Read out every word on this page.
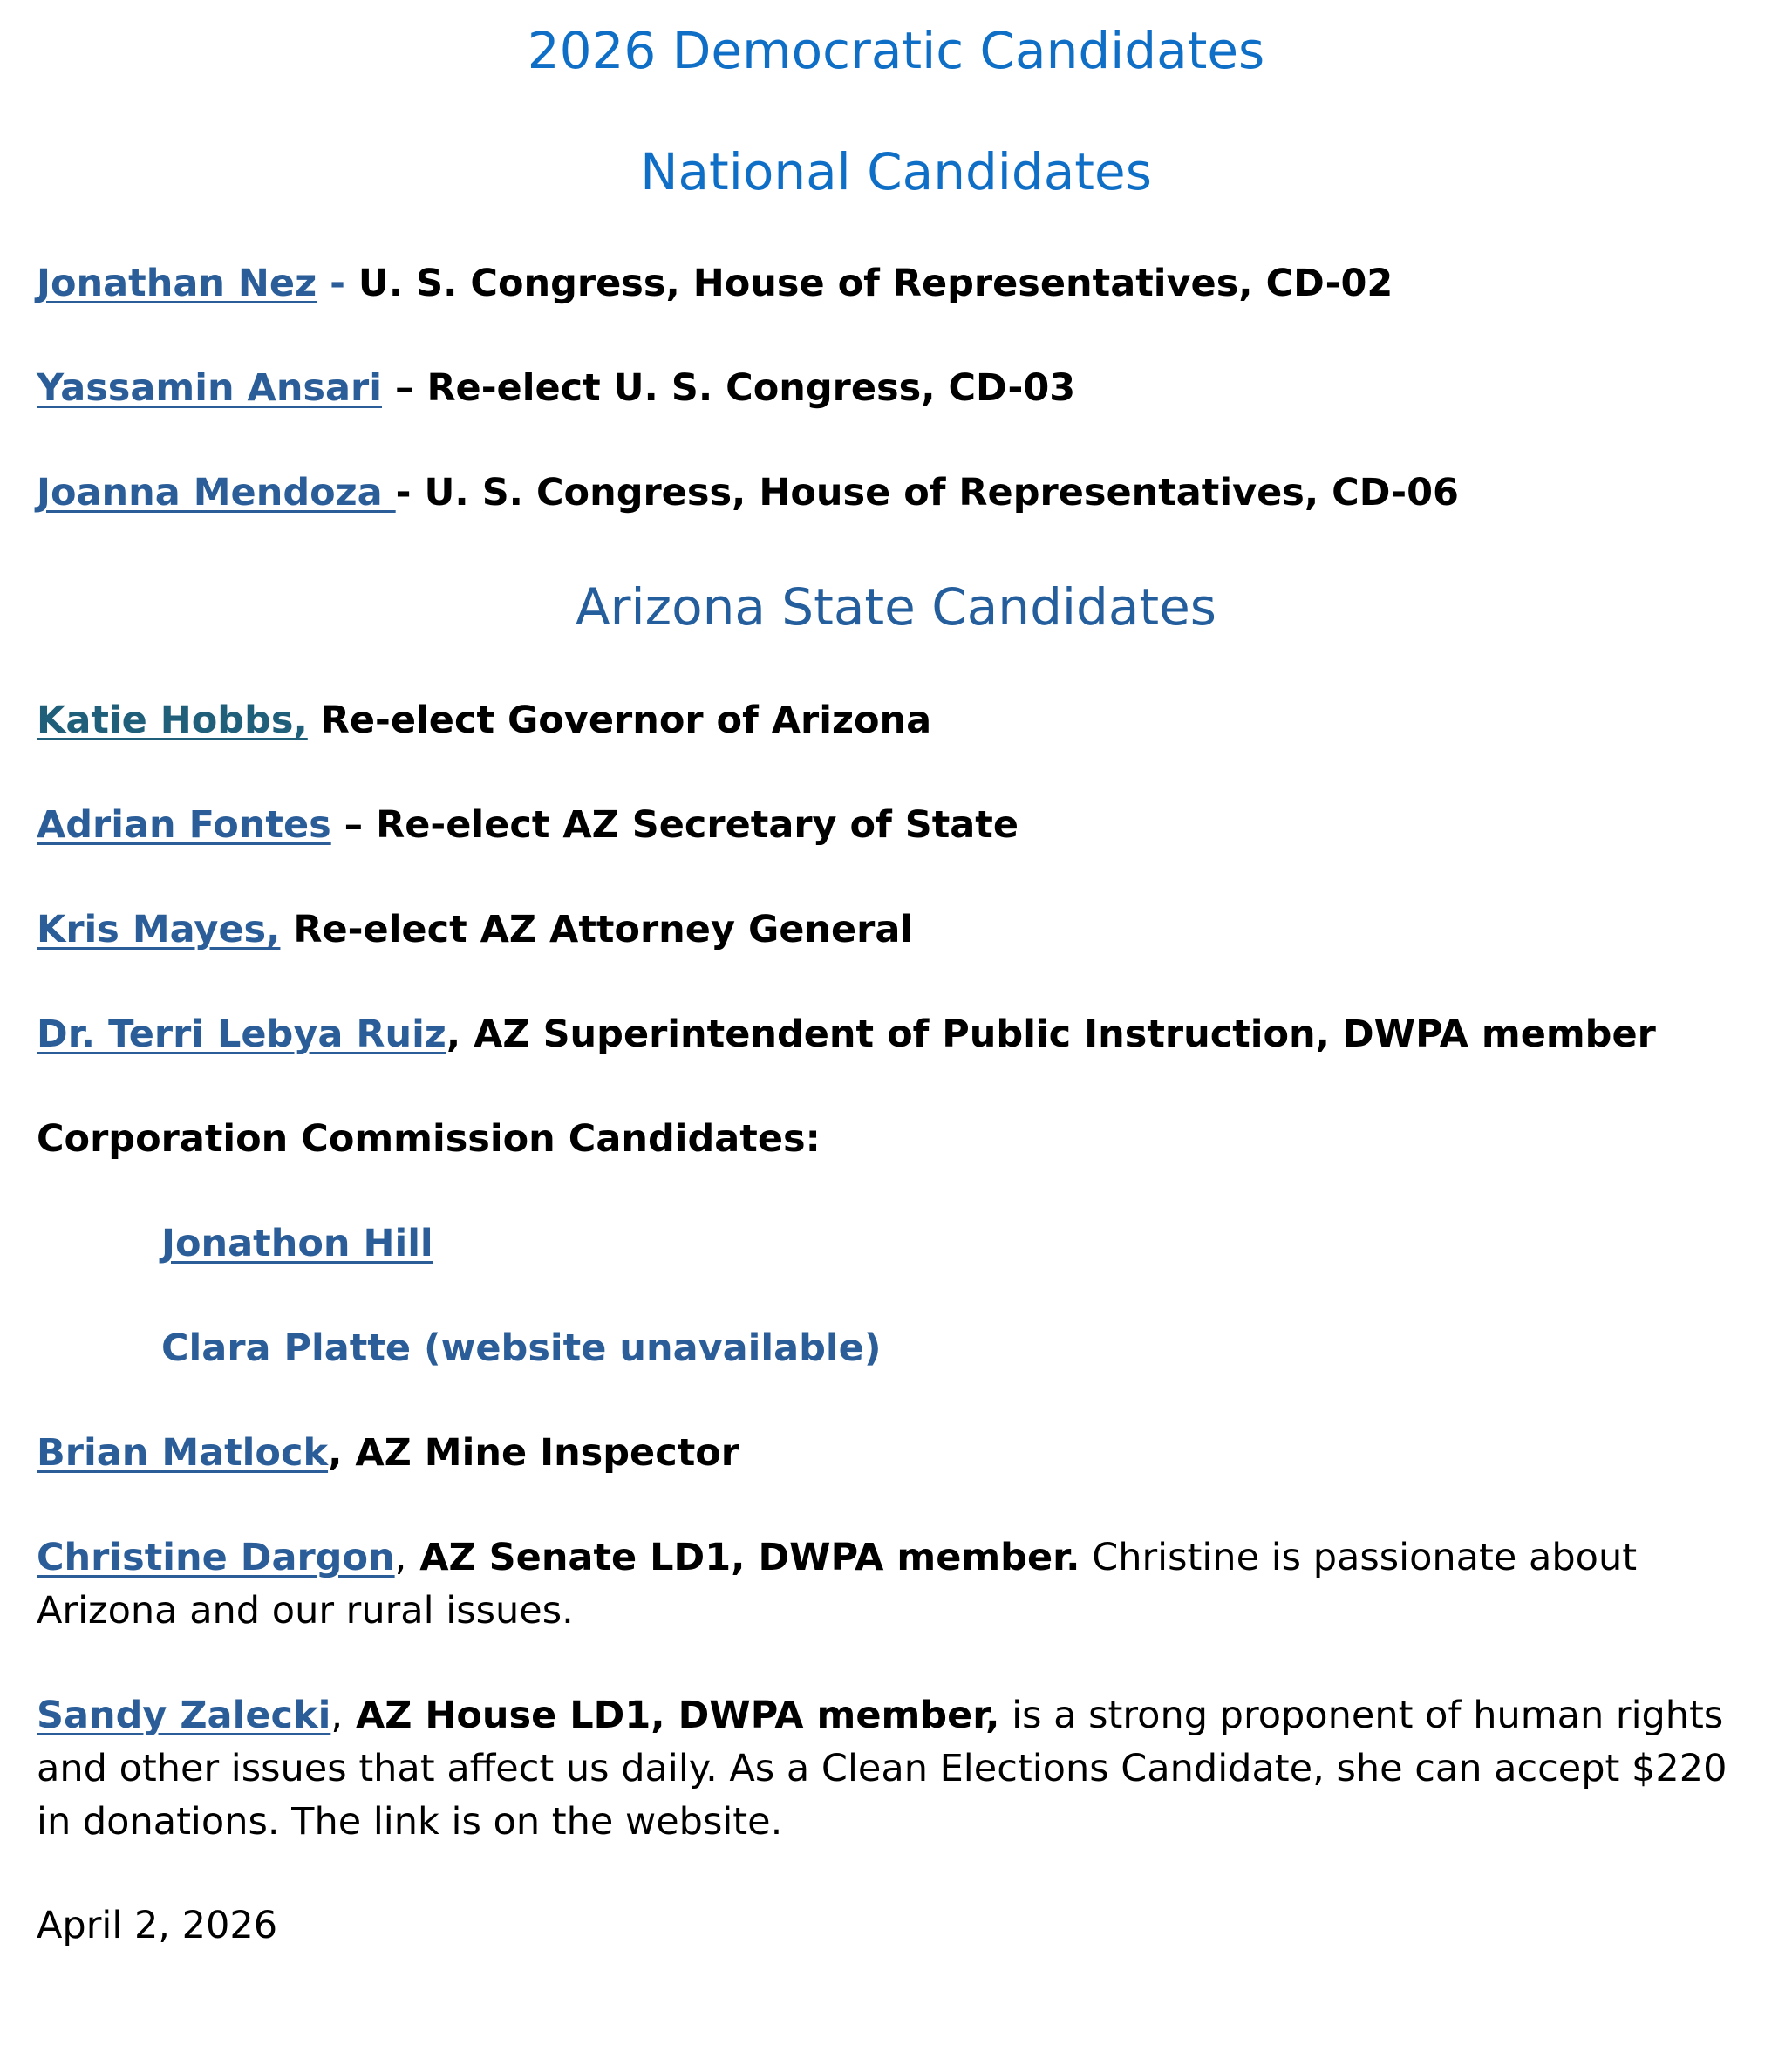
2026 Democratic Candidates
National Candidates
Jonathan Nez - U. S. Congress, House of Representatives, CD-02
Yassamin Ansari – Re-elect U. S. Congress, CD-03
Joanna Mendoza - U. S. Congress, House of Representatives, CD-06
Arizona State Candidates
Katie Hobbs, Re-elect Governor of Arizona
Adrian Fontes – Re-elect AZ Secretary of State
Kris Mayes, Re-elect AZ Attorney General
Dr. Terri Lebya Ruiz, AZ Superintendent of Public Instruction, DWPA member
Corporation Commission Candidates:
Jonathon Hill
Clara Platte (website unavailable)
Brian Matlock, AZ Mine Inspector
Christine Dargon, AZ Senate LD1, DWPA member. Christine is passionate about Arizona and our rural issues.
Sandy Zalecki, AZ House LD1, DWPA member, is a strong proponent of human rights and other issues that affect us daily. As a Clean Elections Candidate, she can accept $220 in donations. The link is on the website.
April 2, 2026
